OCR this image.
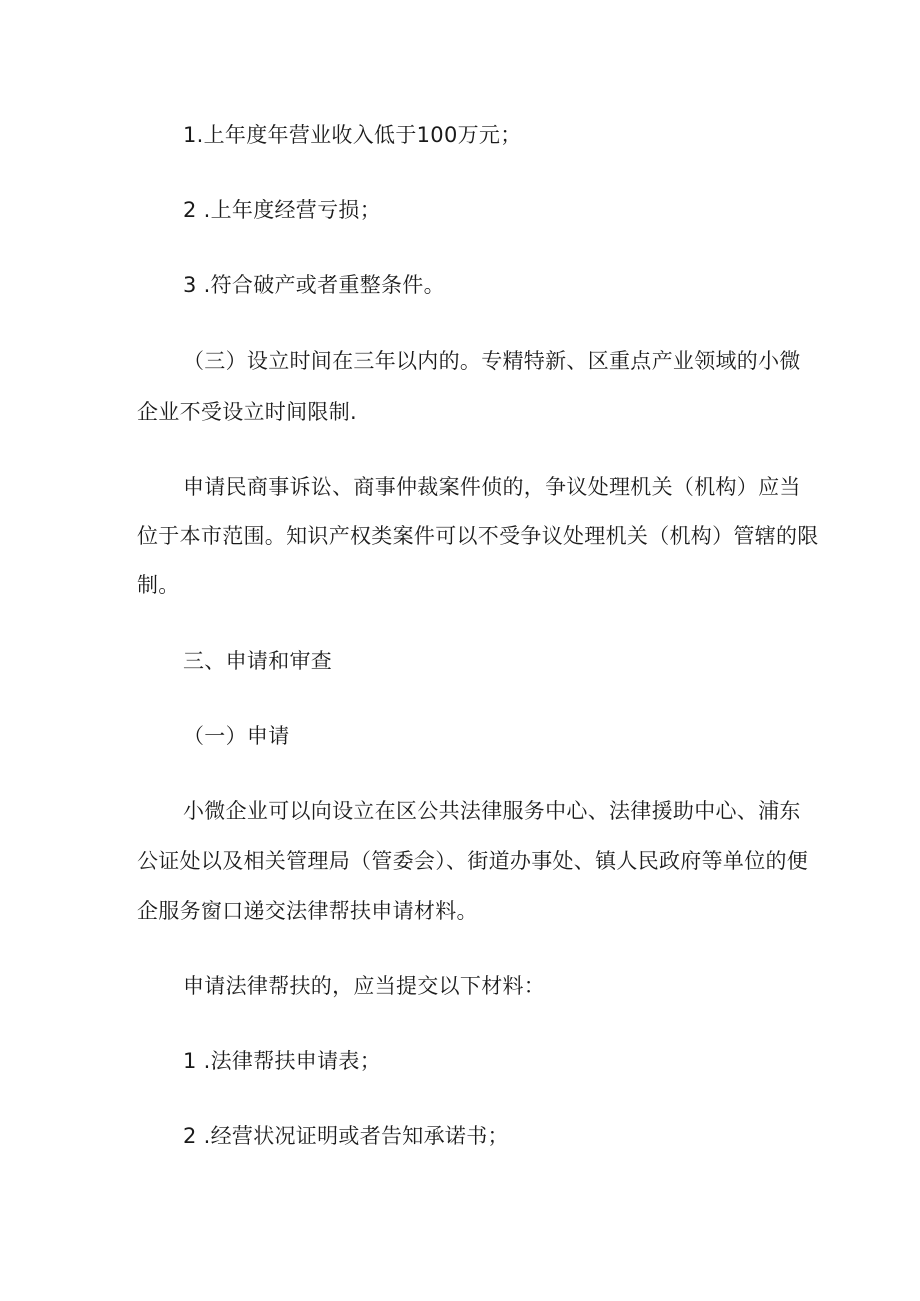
1.上年度年营业收入低于100万元；
2 .上年度经营亏损；
3 .符合破产或者重整条件。
（三）设立时间在三年以内的。专精特新、区重点产业领域的小微
企业不受设立时间限制.
申请民商事诉讼、商事仲裁案件侦的，争议处理机关（机构）应当
位于本市范围。知识产权类案件可以不受争议处理机关（机构）管辖的限
制。
三、申请和审查
（一）申请
小微企业可以向设立在区公共法律服务中心、法律援助中心、浦东
公证处以及相关管理局（管委会）、街道办事处、镇人民政府等单位的便
企服务窗口递交法律帮扶申请材料。
申请法律帮扶的，应当提交以下材料：
1 .法律帮扶申请表；
2 .经营状况证明或者告知承诺书；
